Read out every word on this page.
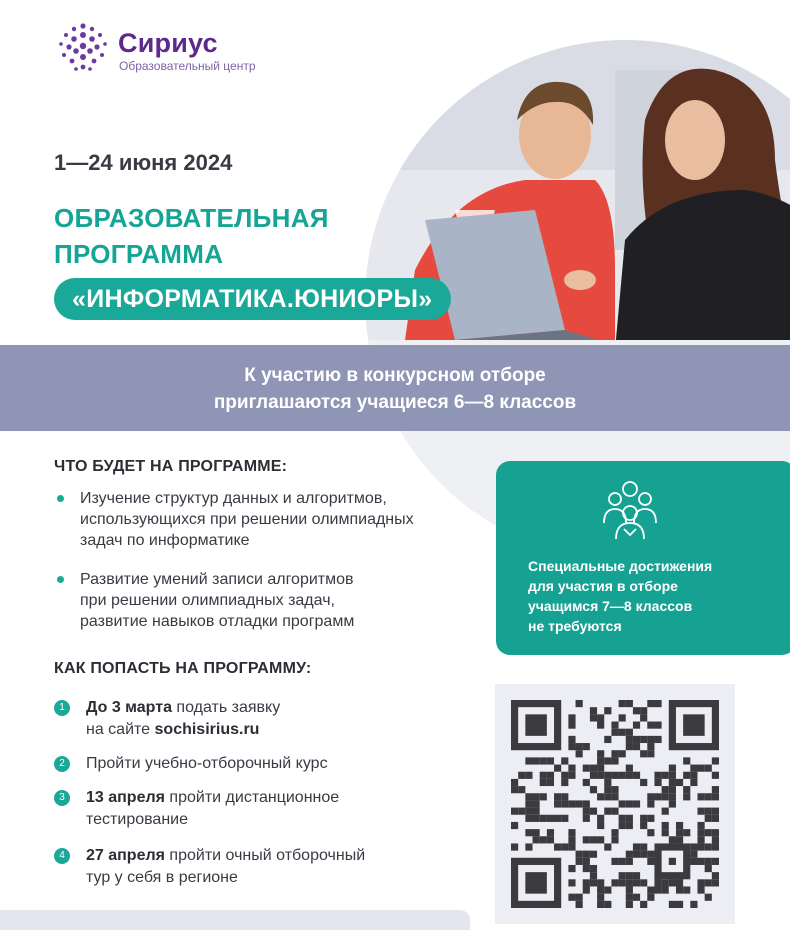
Сириус
Образовательный центр
1—24 июня 2024
ОБРАЗОВАТЕЛЬНАЯ
ПРОГРАММА
«ИНФОРМАТИКА.ЮНИОРЫ»
К участию в конкурсном отборе
приглашаются учащиеся 6—8 классов
ЧТО БУДЕТ НА ПРОГРАММЕ:
Изучение структур данных и алгоритмов,
использующихся при решении олимпиадных
задач по информатике
Развитие умений записи алгоритмов
при решении олимпиадных задач,
развитие навыков отладки программ
КАК ПОПАСТЬ НА ПРОГРАММУ:
1	До 3 марта подать заявку
на сайте sochisirius.ru
2	Пройти учебно-отборочный курс
3	13 апреля пройти дистанционное
тестирование
4	27 апреля пройти очный отборочный
тур у себя в регионе
Специальные достижения
для участия в отборе
учащимся 7—8 классов
не требуются
